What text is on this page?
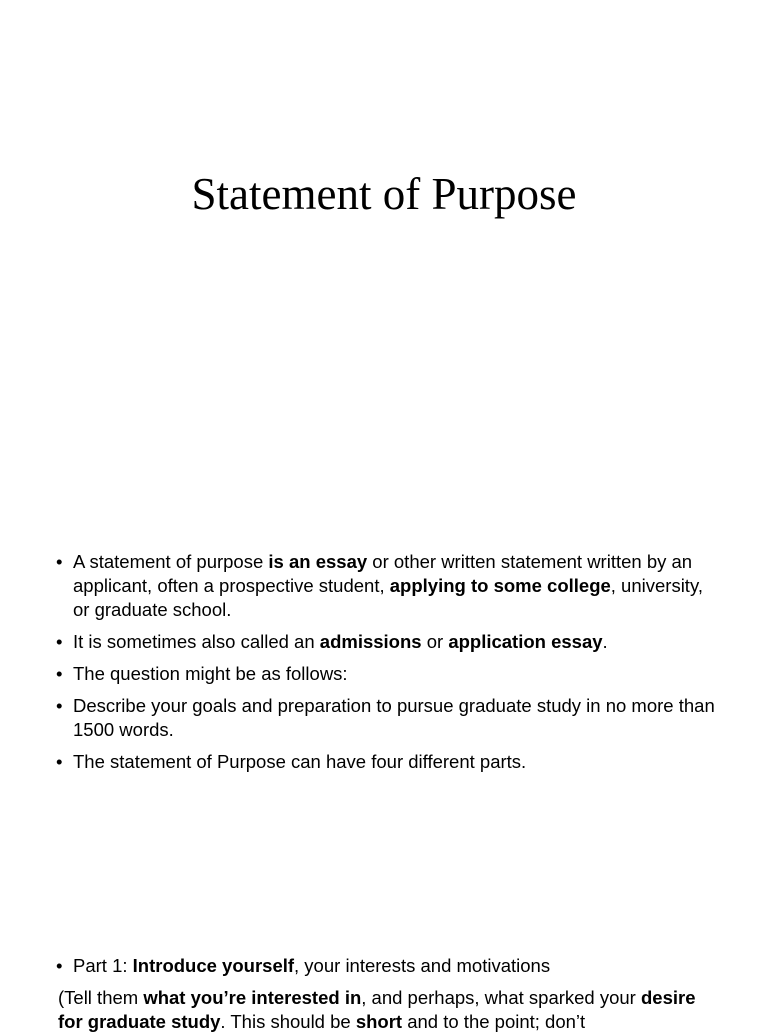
Statement of Purpose
• A statement of purpose is an essay or other written statement written by an applicant, often a prospective student, applying to some college, university, or graduate school.
• It is sometimes also called an admissions or application essay.
• The question might be as follows:
• Describe your goals and preparation to pursue graduate study in no more than 1500 words.
• The statement of Purpose can have four different parts.
• Part 1: Introduce yourself, your interests and motivations

(Tell them what you’re interested in, and perhaps, what sparked your desire for graduate study. This should be short and to the point; don’t
